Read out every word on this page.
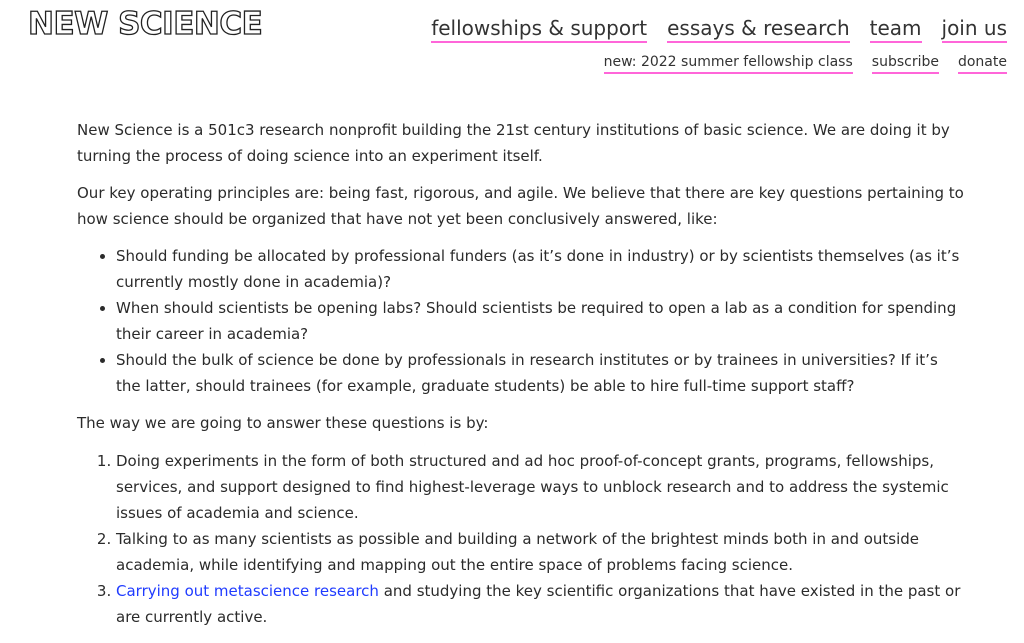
NEW SCIENCE	fellowships & support essays & research team join us
new: 2022 summer fellowship class subscribe donate

New Science is a 501c3 research nonprofit building the 21st century institutions of basic science. We are doing it by turning the process of doing science into an experiment itself.

Our key operating principles are: being fast, rigorous, and agile. We believe that there are key questions pertaining to how science should be organized that have not yet been conclusively answered, like:

• Should funding be allocated by professional funders (as it’s done in industry) or by scientists themselves (as it’s currently mostly done in academia)?
• When should scientists be opening labs? Should scientists be required to open a lab as a condition for spending their career in academia?
• Should the bulk of science be done by professionals in research institutes or by trainees in universities? If it’s the latter, should trainees (for example, graduate students) be able to hire full-time support staff?

The way we are going to answer these questions is by:

1. Doing experiments in the form of both structured and ad hoc proof-of-concept grants, programs, fellowships, services, and support designed to find highest-leverage ways to unblock research and to address the systemic issues of academia and science.
2. Talking to as many scientists as possible and building a network of the brightest minds both in and outside academia, while identifying and mapping out the entire space of problems facing science.
3. Carrying out metascience research and studying the key scientific organizations that have existed in the past or are currently active.
